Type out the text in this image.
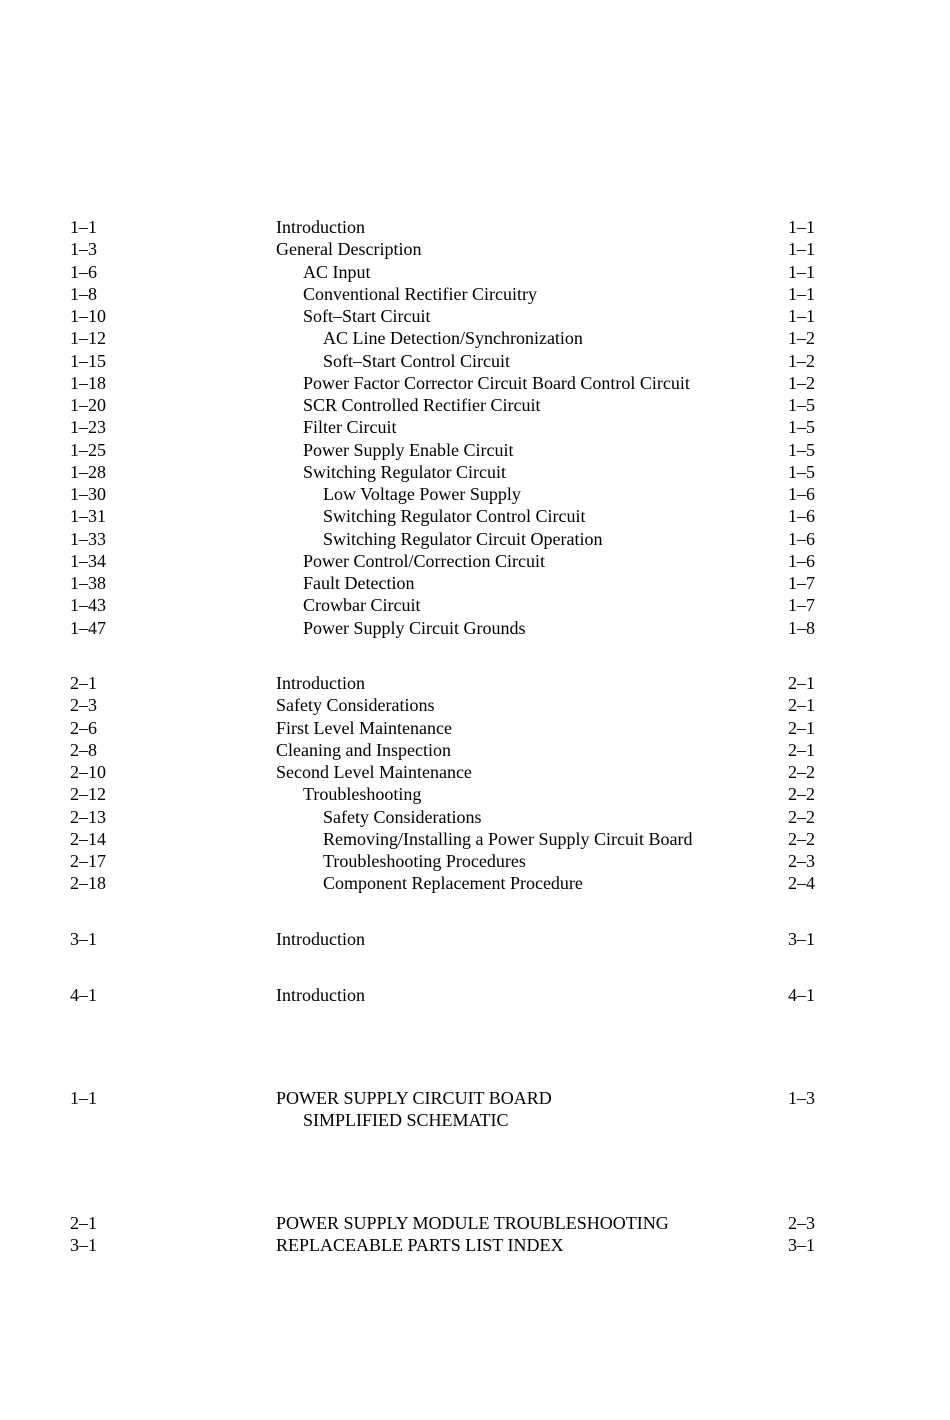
1–1	Introduction	1–1
1–3	General Description	1–1
1–6	AC Input	1–1
1–8	Conventional Rectifier Circuitry	1–1
1–10	Soft–Start Circuit	1–1
1–12	AC Line Detection/Synchronization	1–2
1–15	Soft–Start Control Circuit	1–2
1–18	Power Factor Corrector Circuit Board Control Circuit	1–2
1–20	SCR Controlled Rectifier Circuit	1–5
1–23	Filter Circuit	1–5
1–25	Power Supply Enable Circuit	1–5
1–28	Switching Regulator Circuit	1–5
1–30	Low Voltage Power Supply	1–6
1–31	Switching Regulator Control Circuit	1–6
1–33	Switching Regulator Circuit Operation	1–6
1–34	Power Control/Correction Circuit	1–6
1–38	Fault Detection	1–7
1–43	Crowbar Circuit	1–7
1–47	Power Supply Circuit Grounds	1–8
2–1	Introduction	2–1
2–3	Safety Considerations	2–1
2–6	First Level Maintenance	2–1
2–8	Cleaning and Inspection	2–1
2–10	Second Level Maintenance	2–2
2–12	Troubleshooting	2–2
2–13	Safety Considerations	2–2
2–14	Removing/Installing a Power Supply Circuit Board	2–2
2–17	Troubleshooting Procedures	2–3
2–18	Component Replacement Procedure	2–4
3–1	Introduction	3–1
4–1	Introduction	4–1
1–1	POWER SUPPLY CIRCUIT BOARD	1–3
SIMPLIFIED SCHEMATIC
2–1	POWER SUPPLY MODULE TROUBLESHOOTING	2–3
3–1	REPLACEABLE PARTS LIST INDEX	3–1
